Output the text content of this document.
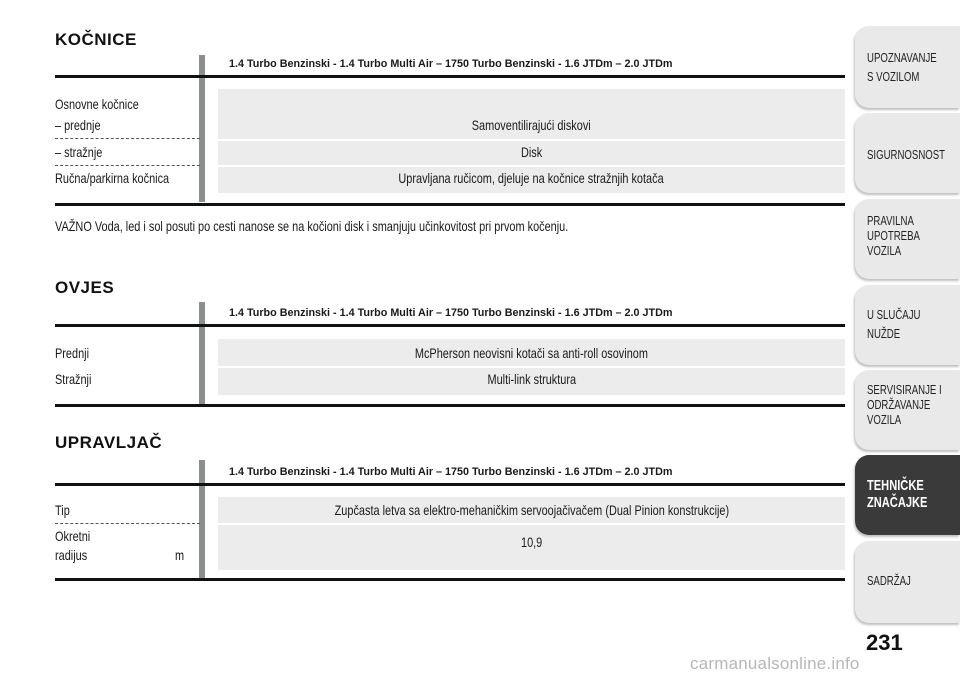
KOČNICE
1.4 Turbo Benzinski - 1.4 Turbo Multi Air – 1750 Turbo Benzinski - 1.6 JTDm – 2.0 JTDm
Osnovne kočnice
– prednje
– stražnje
Ručna/parkirna kočnica
Samoventilirajući diskovi
Disk
Upravljana ručicom, djeluje na kočnice stražnjih kotača
VAŽNO Voda, led i sol posuti po cesti nanose se na kočioni disk i smanjuju učinkovitost pri prvom kočenju.
OVJES
1.4 Turbo Benzinski - 1.4 Turbo Multi Air – 1750 Turbo Benzinski - 1.6 JTDm – 2.0 JTDm
Prednji
Stražnji
McPherson neovisni kotači sa anti-roll osovinom
Multi-link struktura
UPRAVLJAČ
1.4 Turbo Benzinski - 1.4 Turbo Multi Air – 1750 Turbo Benzinski - 1.6 JTDm – 2.0 JTDm
Tip
Okretni
radijus	m
Zupčasta letva sa elektro-mehaničkim servoojačivačem (Dual Pinion konstrukcije)
10,9
UPOZNAVANJE
S VOZILOM
SIGURNOSNOST
PRAVILNA
UPOTREBA
VOZILA
U SLUČAJU
NUŽDE
SERVISIRANJE I
ODRŽAVANJE
VOZILA
TEHNIČKE
ZNAČAJKE
SADRŽAJ
231
carmanualsonline.info
